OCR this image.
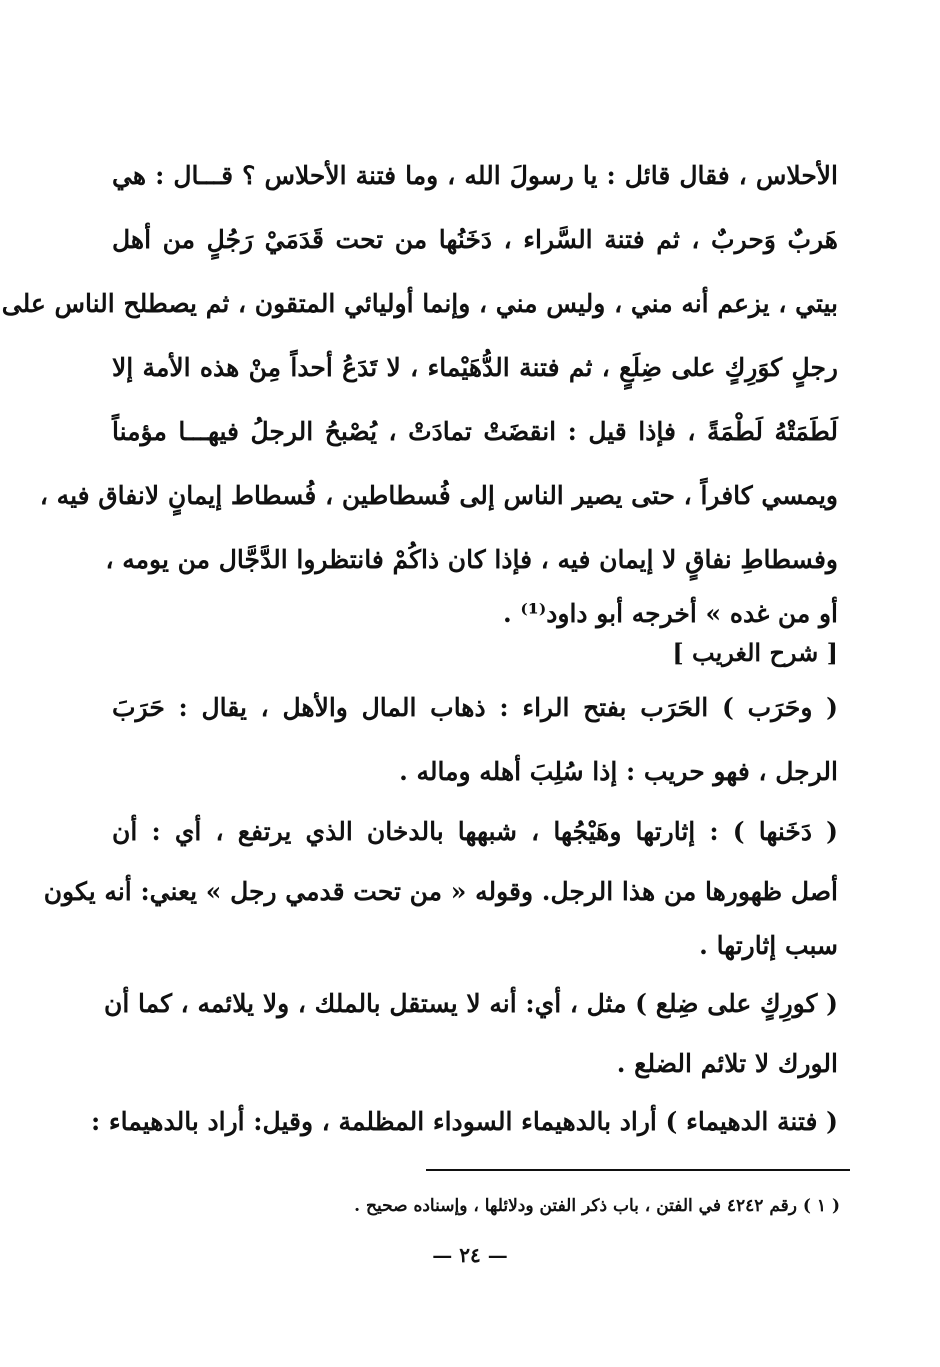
الأحلاس ، فقال قائل : يا رسولَ الله ، وما فتنة الأحلاس ؟ قـــال : هي
هَربٌ وَحربٌ ، ثم فتنة السَّراء ، دَخَنُها من تحت قَدَمَيْ رَجُلٍ من أهل
بيتي ، يزعم أنه مني ، وليس مني ، وإنما أوليائي المتقون ، ثم يصطلح الناس على
رجلٍ كوَرِكٍ على ضِلَعٍ ، ثم فتنة الدُّهَيْماء ، لا تَدَعُ أحداً مِنْ هذه الأمة إلا
لَطَمَتْهُ لَطْمَةً ، فإذا قيل : انقضَتْ تمادَتْ ، يُصْبحُ الرجلُ فيهـــا مؤمناً
ويمسي كافراً ، حتى يصير الناس إلى فُسطاطين ، فُسطاط إيمانٍ لانفاق فيه ،
وفسطاطِ نفاقٍ لا إيمان فيه ، فإذا كان ذاكُمْ فانتظروا الدَّجَّال من يومه ،
أو من غده » أخرجه أبو داود⁽¹⁾ .
[ شرح الغريب ]
( وحَرَب ) الحَرَب بفتح الراء : ذهاب المال والأهل ، يقال : حَرَبَ
الرجل ، فهو حريب : إذا سُلِبَ أهله وماله .
( دَخَنها ) : إثارتها وهَيْجُها ، شبهها بالدخان الذي يرتفع ، أي : أن
أصل ظهورها من هذا الرجل. وقوله « من تحت قدمي رجل » يعني: أنه يكون
سبب إثارتها .
( كورِكٍ على ضِلع ) مثل ، أي: أنه لا يستقل بالملك ، ولا يلائمه ، كما أن
الورك لا تلائم الضلع .
( فتنة الدهيماء ) أراد بالدهيماء السوداء المظلمة ، وقيل: أراد بالدهيماء :
( ١ ) رقم ٤٢٤٢ في الفتن ، باب ذكر الفتن ودلائلها ، وإسناده صحيح .
— ٢٤ —
